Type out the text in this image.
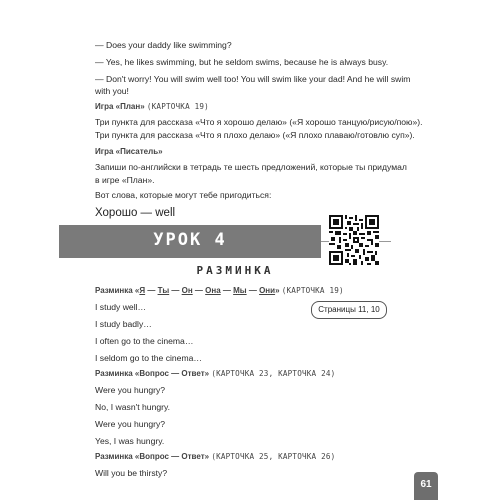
— Does your daddy like swimming?
— Yes, he likes swimming, but he seldom swims, because he is always busy.
— Don't worry! You will swim well too! You will swim like your dad! And he will swim
with you!
Игра «План» (КАРТОЧКА 19)
Три пункта для рассказа «Что я хорошо делаю» («Я хорошо танцую/рисую/пою»).
Три пункта для рассказа «Что я плохо делаю» («Я плохо плаваю/готовлю суп»).
Игра «Писатель»
Запиши по-английски в тетрадь те шесть предложений, которые ты придумал
в игре «План».
Вот слова, которые могут тебе пригодиться:
Хорошо — well
УРОК 4
РАЗМИНКА
Страницы 11, 10
Разминка «Я — Ты — Он — Она — Мы — Они» (КАРТОЧКА 19)
I study well…
I study badly…
I often go to the cinema…
I seldom go to the cinema…
Разминка «Вопрос — Ответ» (КАРТОЧКА 23, КАРТОЧКА 24)
Were you hungry?
No, I wasn't hungry.
Were you hungry?
Yes, I was hungry.
Разминка «Вопрос — Ответ» (КАРТОЧКА 25, КАРТОЧКА 26)
Will you be thirsty?
61
